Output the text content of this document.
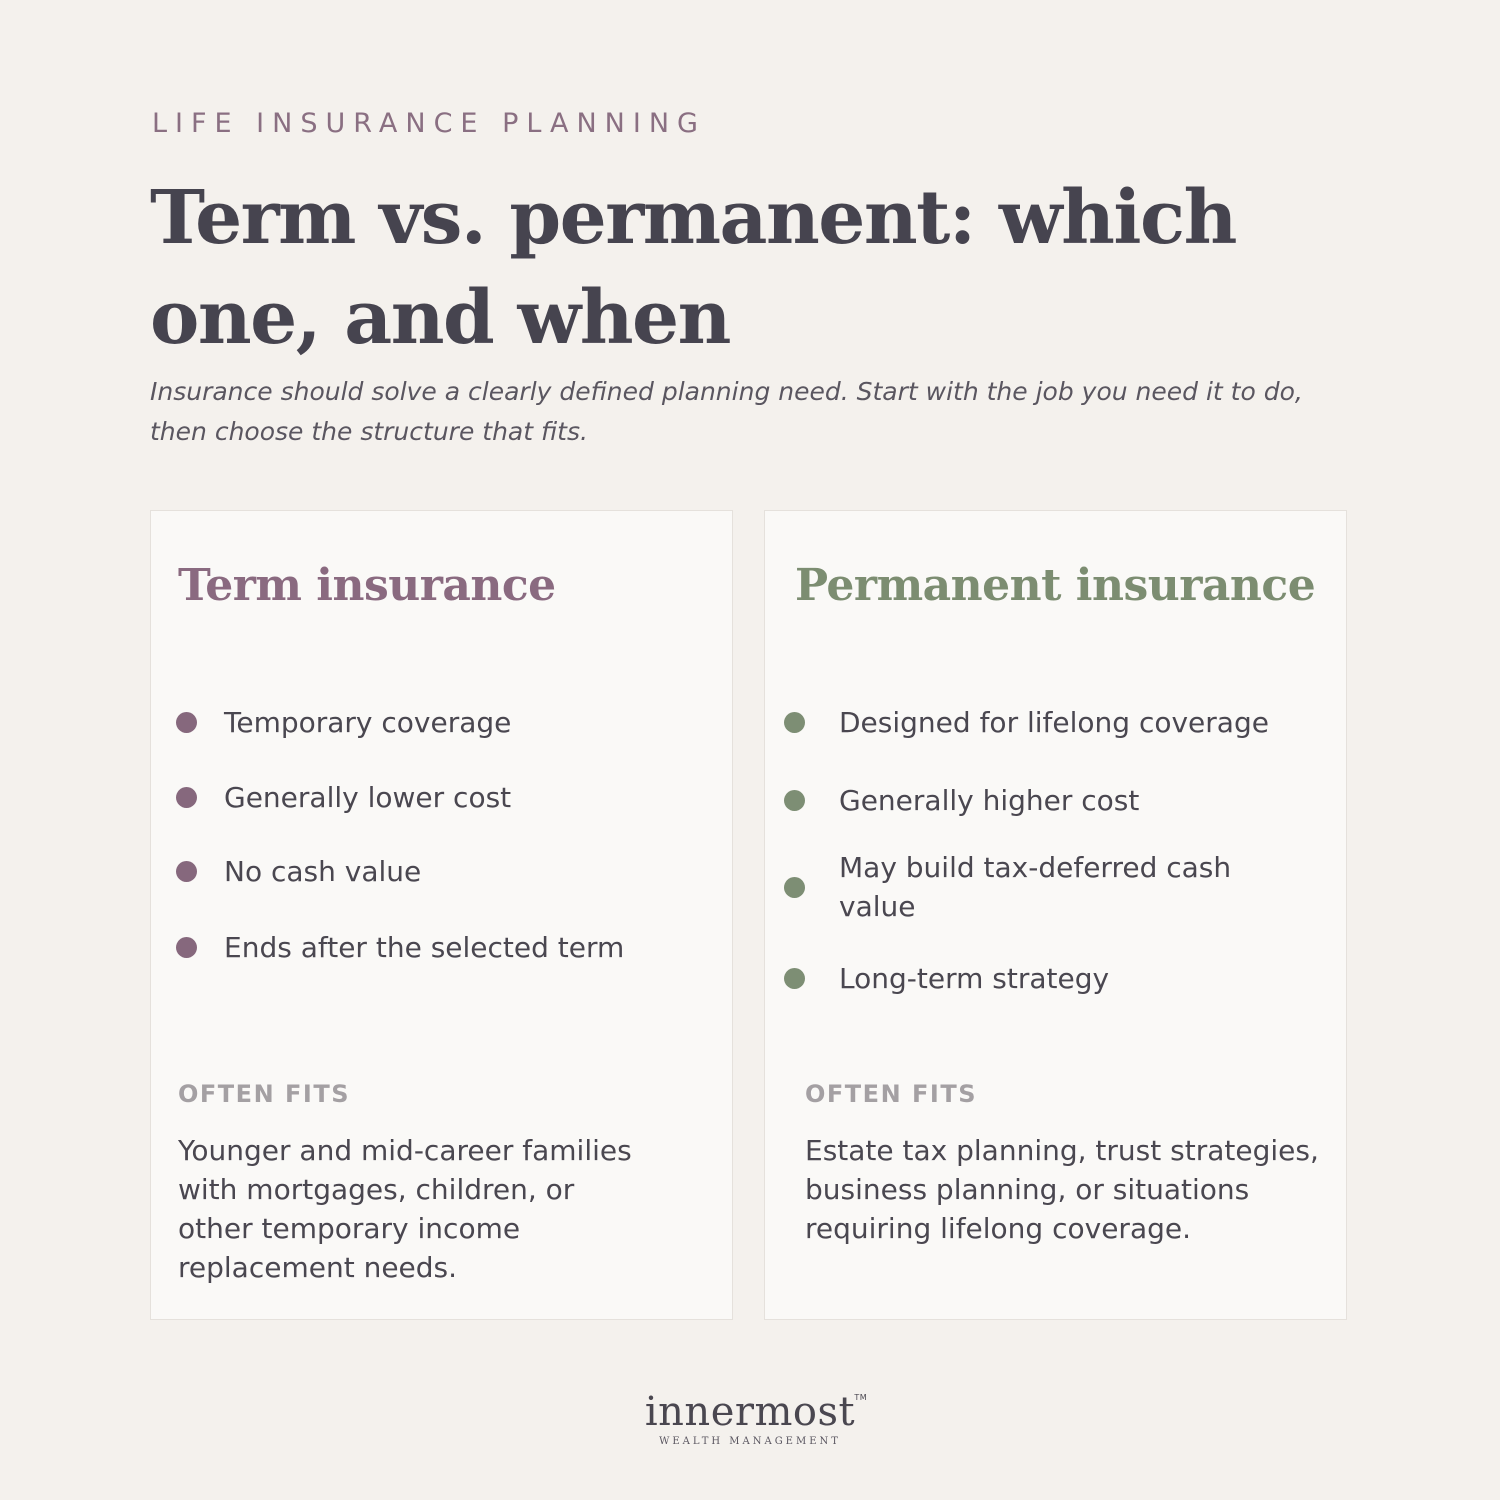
LIFE INSURANCE PLANNING
Term vs. permanent: which one, and when

Insurance should solve a clearly defined planning need. Start with the job you need it to do, then choose the structure that fits.

Term insurance
Temporary coverage
Generally lower cost
No cash value
Ends after the selected term
OFTEN FITS

Younger and mid-career families with mortgages, children, or other temporary income replacement needs.

Permanent insurance
Designed for lifelong coverage
Generally higher cost
May build tax-deferred cash value
Long-term strategy
OFTEN FITS

Estate tax planning, trust strategies, business planning, or situations requiring lifelong coverage.

innermost TM
WEALTH MANAGEMENT
